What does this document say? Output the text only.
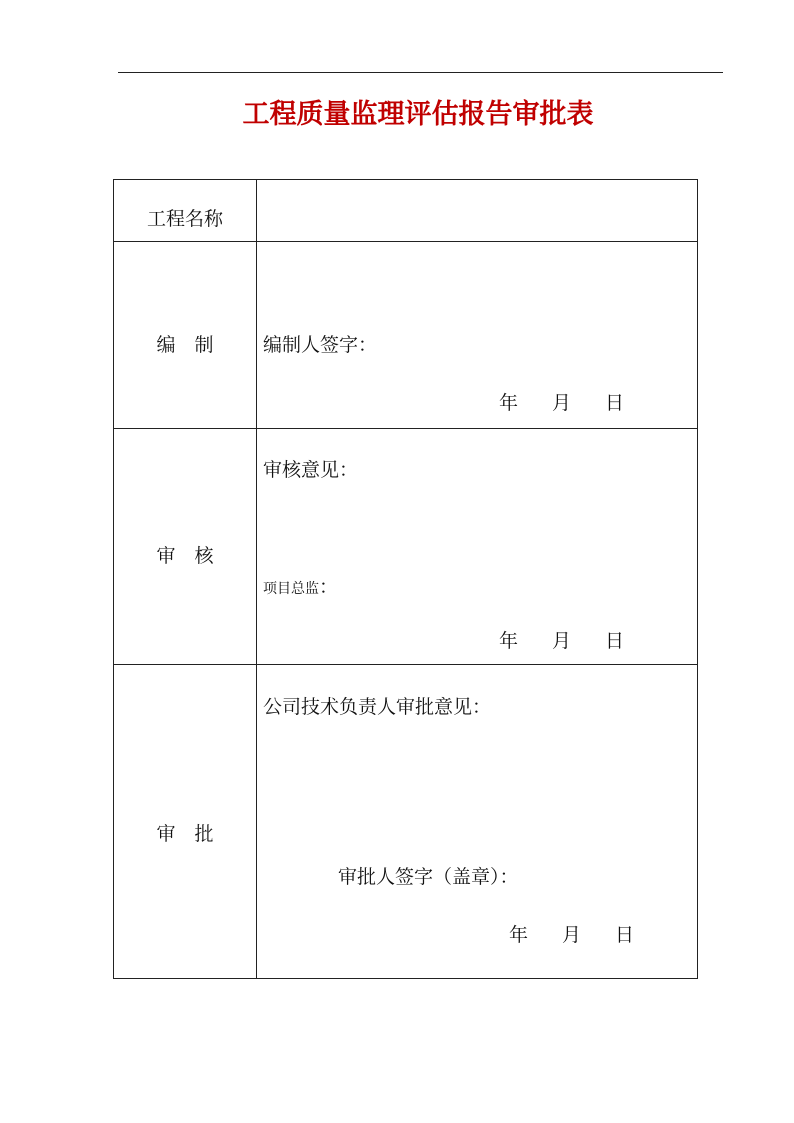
工程质量监理评估报告审批表
工程名称	

编　制	编制人签字：
年 月 日

审　核	审核意见：
项目总监：
年 月 日

审　批	公司技术负责人审批意见：
审批人签字（盖章）：
年 月 日
